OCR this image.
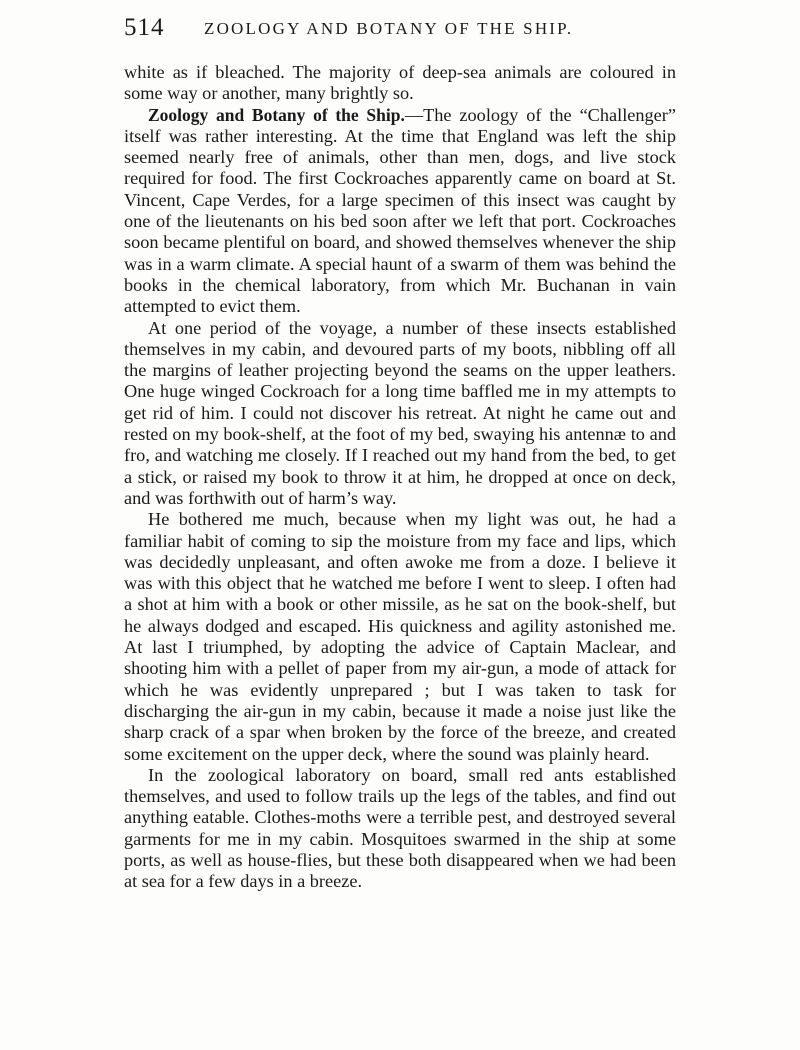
514 ZOOLOGY AND BOTANY OF THE SHIP.

white as if bleached. The majority of deep-sea animals are coloured in some way or another, many brightly so.

Zoology and Botany of the Ship.—The zoology of the “Challenger” itself was rather interesting. At the time that England was left the ship seemed nearly free of animals, other than men, dogs, and live stock required for food. The first Cockroaches apparently came on board at St. Vincent, Cape Verdes, for a large specimen of this insect was caught by one of the lieutenants on his bed soon after we left that port. Cockroaches soon became plentiful on board, and showed themselves whenever the ship was in a warm climate. A special haunt of a swarm of them was behind the books in the chemical laboratory, from which Mr. Buchanan in vain attempted to evict them.

At one period of the voyage, a number of these insects established themselves in my cabin, and devoured parts of my boots, nibbling off all the margins of leather projecting beyond the seams on the upper leathers. One huge winged Cockroach for a long time baffled me in my attempts to get rid of him. I could not discover his retreat. At night he came out and rested on my book-shelf, at the foot of my bed, swaying his antennæ to and fro, and watching me closely. If I reached out my hand from the bed, to get a stick, or raised my book to throw it at him, he dropped at once on deck, and was forthwith out of harm’s way.

He bothered me much, because when my light was out, he had a familiar habit of coming to sip the moisture from my face and lips, which was decidedly unpleasant, and often awoke me from a doze. I believe it was with this object that he watched me before I went to sleep. I often had a shot at him with a book or other missile, as he sat on the book-shelf, but he always dodged and escaped. His quickness and agility astonished me. At last I triumphed, by adopting the advice of Captain Maclear, and shooting him with a pellet of paper from my air-gun, a mode of attack for which he was evidently unprepared ; but I was taken to task for discharging the air-gun in my cabin, because it made a noise just like the sharp crack of a spar when broken by the force of the breeze, and created some excitement on the upper deck, where the sound was plainly heard.

In the zoological laboratory on board, small red ants established themselves, and used to follow trails up the legs of the tables, and find out anything eatable. Clothes-moths were a terrible pest, and destroyed several garments for me in my cabin. Mosquitoes swarmed in the ship at some ports, as well as house-flies, but these both disappeared when we had been at sea for a few days in a breeze.
